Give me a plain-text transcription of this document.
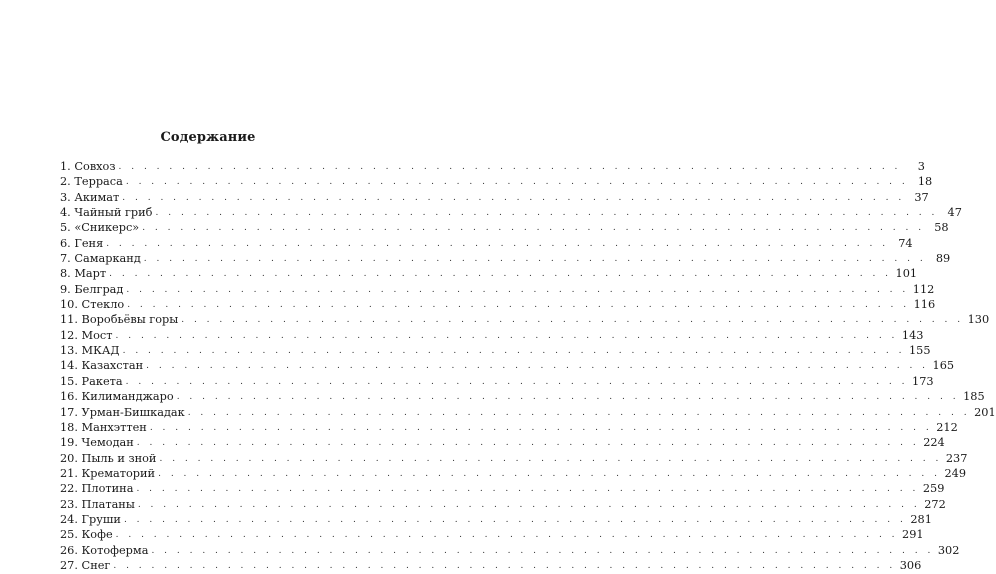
Содержание
1. Совхоз . . . . . . . . . . . . . . . . . . . . . . . . . . . . . . . . . . . . . . . . . . . . . . . . . . . . . . . . . . . . . .	3
2. Терраса . . . . . . . . . . . . . . . . . . . . . . . . . . . . . . . . . . . . . . . . . . . . . . . . . . . . . . . . . . . . . . 18
3. Акимат . . . . . . . . . . . . . . . . . . . . . . . . . . . . . . . . . . . . . . . . . . . . . . . . . . . . . . . . . . . . . . 37
4. Чайный гриб . . . . . . . . . . . . . . . . . . . . . . . . . . . . . . . . . . . . . . . . . . . . . . . . . . . . . . . . . . . . . . 47
5. «Сникерс» . . . . . . . . . . . . . . . . . . . . . . . . . . . . . . . . . . . . . . . . . . . . . . . . . . . . . . . . . . . . . . 58
6. Геня . . . . . . . . . . . . . . . . . . . . . . . . . . . . . . . . . . . . . . . . . . . . . . . . . . . . . . . . . . . . . . 74
7. Самарканд . . . . . . . . . . . . . . . . . . . . . . . . . . . . . . . . . . . . . . . . . . . . . . . . . . . . . . . . . . . . . . 89
8. Март . . . . . . . . . . . . . . . . . . . . . . . . . . . . . . . . . . . . . . . . . . . . . . . . . . . . . . . . . . . . . . 101
9. Белград . . . . . . . . . . . . . . . . . . . . . . . . . . . . . . . . . . . . . . . . . . . . . . . . . . . . . . . . . . . . . . 112
10. Стекло . . . . . . . . . . . . . . . . . . . . . . . . . . . . . . . . . . . . . . . . . . . . . . . . . . . . . . . . . . . . . . 116
11. Воробьёвы горы . . . . . . . . . . . . . . . . . . . . . . . . . . . . . . . . . . . . . . . . . . . . . . . . . . . . . . . . . . . . . . 130
12. Мост . . . . . . . . . . . . . . . . . . . . . . . . . . . . . . . . . . . . . . . . . . . . . . . . . . . . . . . . . . . . . . 143
13. МКАД . . . . . . . . . . . . . . . . . . . . . . . . . . . . . . . . . . . . . . . . . . . . . . . . . . . . . . . . . . . . . . 155
14. Казахстан . . . . . . . . . . . . . . . . . . . . . . . . . . . . . . . . . . . . . . . . . . . . . . . . . . . . . . . . . . . . . . 165
15. Ракета . . . . . . . . . . . . . . . . . . . . . . . . . . . . . . . . . . . . . . . . . . . . . . . . . . . . . . . . . . . . . . 173
16. Килиманджаро . . . . . . . . . . . . . . . . . . . . . . . . . . . . . . . . . . . . . . . . . . . . . . . . . . . . . . . . . . . . . . 185
17. Урман-Бишкадак . . . . . . . . . . . . . . . . . . . . . . . . . . . . . . . . . . . . . . . . . . . . . . . . . . . . . . . . . . . . . . 201
18. Манхэттен . . . . . . . . . . . . . . . . . . . . . . . . . . . . . . . . . . . . . . . . . . . . . . . . . . . . . . . . . . . . . . 212
19. Чемодан . . . . . . . . . . . . . . . . . . . . . . . . . . . . . . . . . . . . . . . . . . . . . . . . . . . . . . . . . . . . . . 224
20. Пыль и зной . . . . . . . . . . . . . . . . . . . . . . . . . . . . . . . . . . . . . . . . . . . . . . . . . . . . . . . . . . . . . . 237
21. Крематорий . . . . . . . . . . . . . . . . . . . . . . . . . . . . . . . . . . . . . . . . . . . . . . . . . . . . . . . . . . . . . . 249
22. Плотина . . . . . . . . . . . . . . . . . . . . . . . . . . . . . . . . . . . . . . . . . . . . . . . . . . . . . . . . . . . . . . 259
23. Платаны . . . . . . . . . . . . . . . . . . . . . . . . . . . . . . . . . . . . . . . . . . . . . . . . . . . . . . . . . . . . . . 272
24. Груши . . . . . . . . . . . . . . . . . . . . . . . . . . . . . . . . . . . . . . . . . . . . . . . . . . . . . . . . . . . . . . 281
25. Кофе . . . . . . . . . . . . . . . . . . . . . . . . . . . . . . . . . . . . . . . . . . . . . . . . . . . . . . . . . . . . . . 291
26. Котоферма . . . . . . . . . . . . . . . . . . . . . . . . . . . . . . . . . . . . . . . . . . . . . . . . . . . . . . . . . . . . . . 302
27. Снег . . . . . . . . . . . . . . . . . . . . . . . . . . . . . . . . . . . . . . . . . . . . . . . . . . . . . . . . . . . . . . 306
